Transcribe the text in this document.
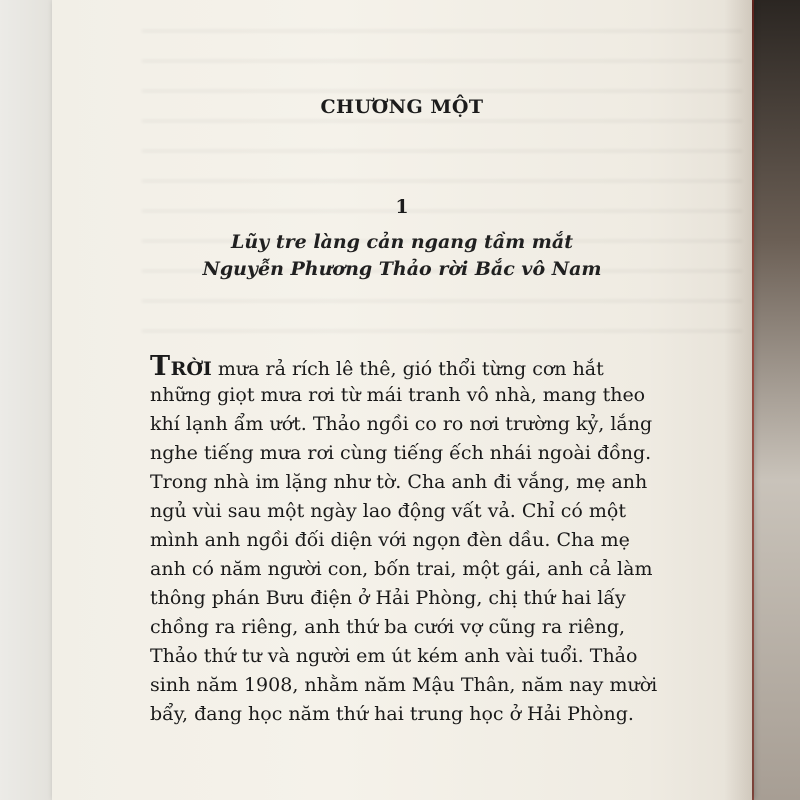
CHƯƠNG MỘT
1
Lũy tre làng cản ngang tầm mắt
Nguyễn Phương Thảo rời Bắc vô Nam
TRỜI mưa rả rích lê thê, gió thổi từng cơn hắt
những giọt mưa rơi từ mái tranh vô nhà, mang theo
khí lạnh ẩm ướt. Thảo ngồi co ro nơi trường kỷ, lắng
nghe tiếng mưa rơi cùng tiếng ếch nhái ngoài đồng.
Trong nhà im lặng như tờ. Cha anh đi vắng, mẹ anh
ngủ vùi sau một ngày lao động vất vả. Chỉ có một
mình anh ngồi đối diện với ngọn đèn dầu. Cha mẹ
anh có năm người con, bốn trai, một gái, anh cả làm
thông phán Bưu điện ở Hải Phòng, chị thứ hai lấy
chồng ra riêng, anh thứ ba cưới vợ cũng ra riêng,
Thảo thứ tư và người em út kém anh vài tuổi. Thảo
sinh năm 1908, nhằm năm Mậu Thân, năm nay mười
bẩy, đang học năm thứ hai trung học ở Hải Phòng.
